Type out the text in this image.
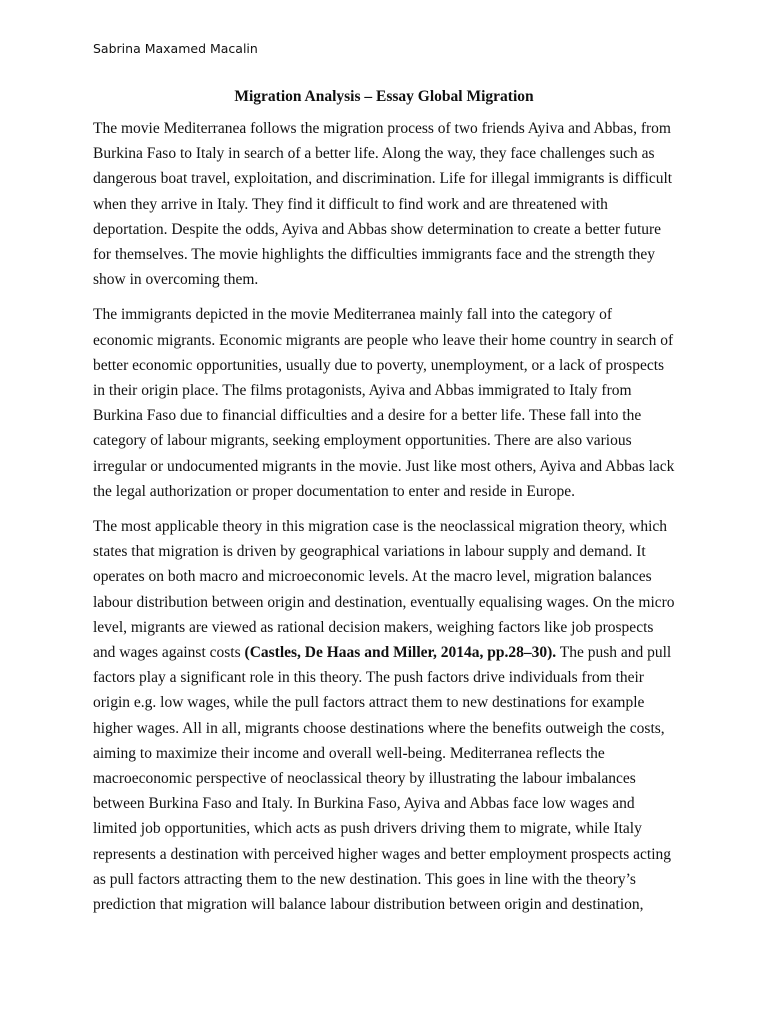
Sabrina Maxamed Macalin
Migration Analysis – Essay Global Migration

The movie Mediterranea follows the migration process of two friends Ayiva and Abbas, from Burkina Faso to Italy in search of a better life. Along the way, they face challenges such as dangerous boat travel, exploitation, and discrimination. Life for illegal immigrants is difficult when they arrive in Italy. They find it difficult to find work and are threatened with deportation. Despite the odds, Ayiva and Abbas show determination to create a better future for themselves. The movie highlights the difficulties immigrants face and the strength they show in overcoming them.

The immigrants depicted in the movie Mediterranea mainly fall into the category of economic migrants. Economic migrants are people who leave their home country in search of better economic opportunities, usually due to poverty, unemployment, or a lack of prospects in their origin place. The films protagonists, Ayiva and Abbas immigrated to Italy from Burkina Faso due to financial difficulties and a desire for a better life. These fall into the category of labour migrants, seeking employment opportunities. There are also various irregular or undocumented migrants in the movie. Just like most others, Ayiva and Abbas lack the legal authorization or proper documentation to enter and reside in Europe.

The most applicable theory in this migration case is the neoclassical migration theory, which states that migration is driven by geographical variations in labour supply and demand. It operates on both macro and microeconomic levels. At the macro level, migration balances labour distribution between origin and destination, eventually equalising wages. On the micro level, migrants are viewed as rational decision makers, weighing factors like job prospects and wages against costs (Castles, De Haas and Miller, 2014a, pp.28–30). The push and pull factors play a significant role in this theory. The push factors drive individuals from their origin e.g. low wages, while the pull factors attract them to new destinations for example higher wages. All in all, migrants choose destinations where the benefits outweigh the costs, aiming to maximize their income and overall well-being. Mediterranea reflects the macroeconomic perspective of neoclassical theory by illustrating the labour imbalances between Burkina Faso and Italy. In Burkina Faso, Ayiva and Abbas face low wages and limited job opportunities, which acts as push drivers driving them to migrate, while Italy represents a destination with perceived higher wages and better employment prospects acting as pull factors attracting them to the new destination. This goes in line with the theory’s prediction that migration will balance labour distribution between origin and destination,
